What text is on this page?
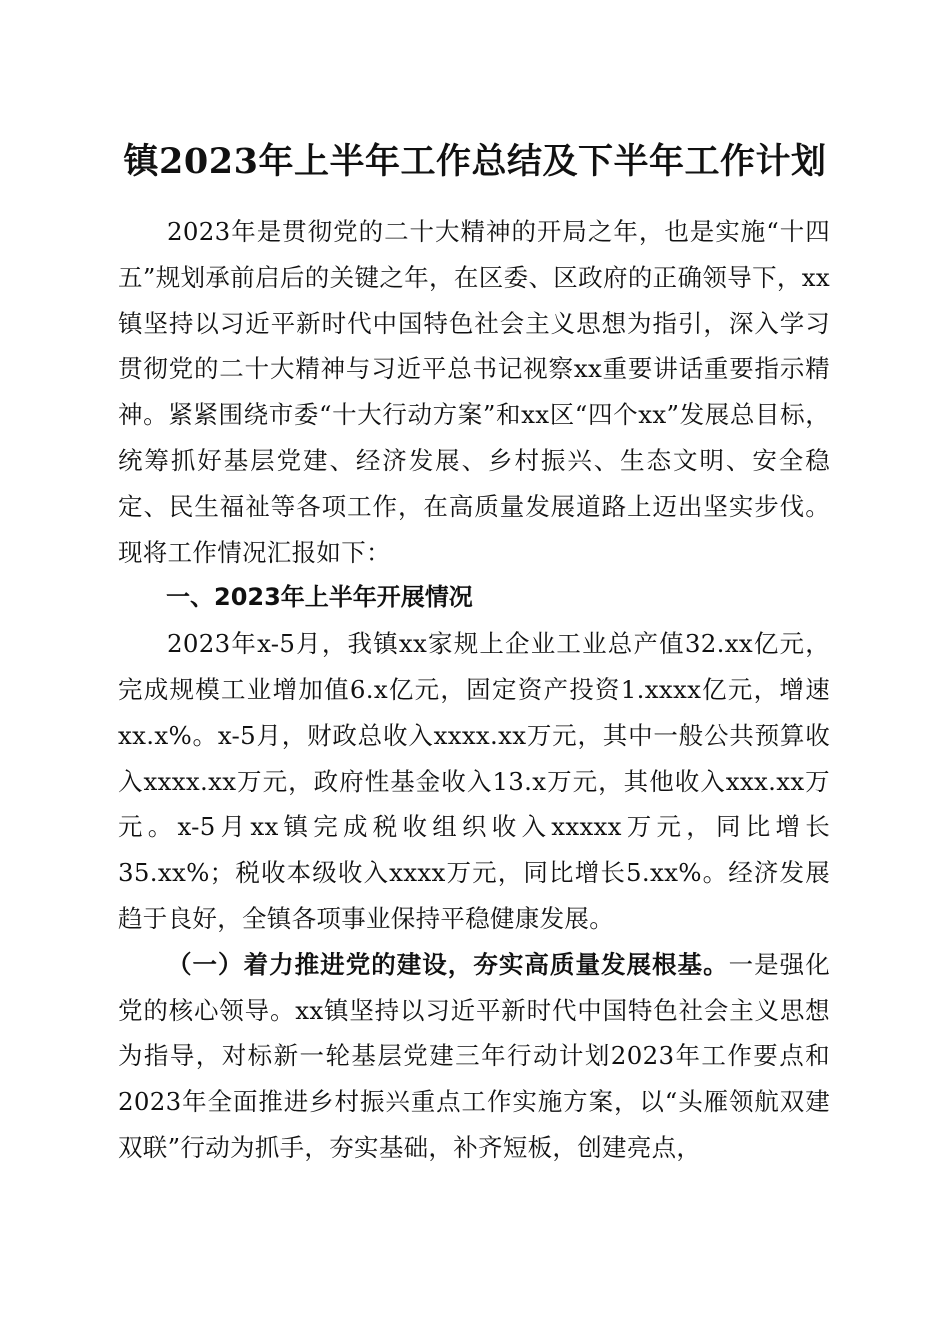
镇2023年上半年工作总结及下半年工作计划

2023年是贯彻党的二十大精神的开局之年，也是实施“十四五”规划承前启后的关键之年，在区委、区政府的正确领导下，xx镇坚持以习近平新时代中国特色社会主义思想为指引，深入学习贯彻党的二十大精神与习近平总书记视察xx重要讲话重要指示精神。紧紧围绕市委“十大行动方案”和xx区“四个xx”发展总目标，统筹抓好基层党建、经济发展、乡村振兴、生态文明、安全稳定、民生福祉等各项工作，在高质量发展道路上迈出坚实步伐。现将工作情况汇报如下：

一、2023年上半年开展情况

2023年x-5月，我镇xx家规上企业工业总产值32.xx亿元，完成规模工业增加值6.x亿元，固定资产投资1.xxxx亿元，增速xx.x%。x-5月，财政总收入xxxx.xx万元，其中一般公共预算收入xxxx.xx万元，政府性基金收入13.x万元，其他收入xxx.xx万元。x-5月xx镇完成税收组织收入xxxxx万元，同比增长35.xx%；税收本级收入xxxx万元，同比增长5.xx%。经济发展趋于良好，全镇各项事业保持平稳健康发展。

（一）着力推进党的建设，夯实高质量发展根基。一是强化党的核心领导。xx镇坚持以习近平新时代中国特色社会主义思想为指导，对标新一轮基层党建三年行动计划2023年工作要点和2023年全面推进乡村振兴重点工作实施方案，以“头雁领航双建双联”行动为抓手，夯实基础，补齐短板，创建亮点，
